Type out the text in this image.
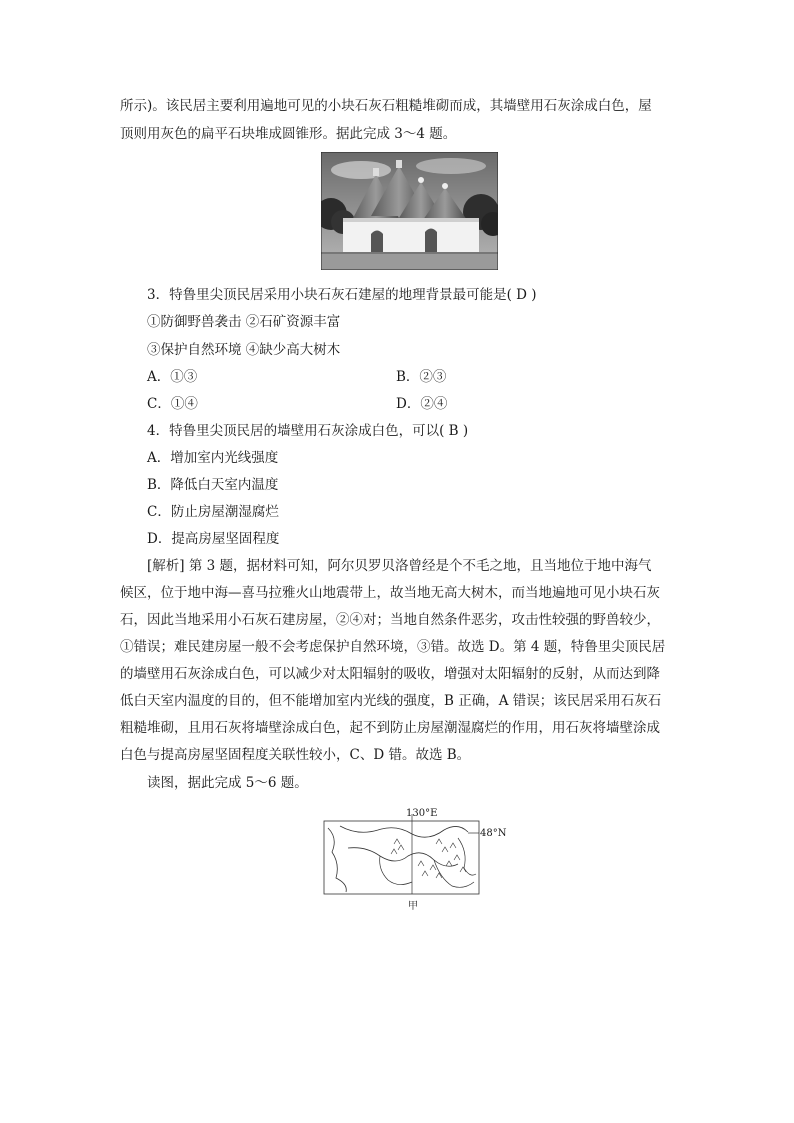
所示)。该民居主要利用遍地可见的小块石灰石粗糙堆砌而成，其墙壁用石灰涂成白色，屋
顶则用灰色的扁平石块堆成圆锥形。据此完成 3～4 题。
3．特鲁里尖顶民居采用小块石灰石建屋的地理背景最可能是( D )
①防御野兽袭击 ②石矿资源丰富
③保护自然环境 ④缺少高大树木
A．①③	B．②③
C．①④	D．②④
4．特鲁里尖顶民居的墙壁用石灰涂成白色，可以( B )
A．增加室内光线强度
B．降低白天室内温度
C．防止房屋潮湿腐烂
D．提高房屋坚固程度
[解析] 第 3 题，据材料可知，阿尔贝罗贝洛曾经是个不毛之地，且当地位于地中海气
候区，位于地中海—喜马拉雅火山地震带上，故当地无高大树木，而当地遍地可见小块石灰
石，因此当地采用小石灰石建房屋，②④对；当地自然条件恶劣，攻击性较强的野兽较少，
①错误；难民建房屋一般不会考虑保护自然环境，③错。故选 D。第 4 题，特鲁里尖顶民居
的墙壁用石灰涂成白色，可以减少对太阳辐射的吸收，增强对太阳辐射的反射，从而达到降
低白天室内温度的目的，但不能增加室内光线的强度，B 正确，A 错误；该民居采用石灰石
粗糙堆砌，且用石灰将墙壁涂成白色，起不到防止房屋潮湿腐烂的作用，用石灰将墙壁涂成
白色与提高房屋坚固程度关联性较小，C、D 错。故选 B。
读图，据此完成 5～6 题。
130°E
48°N
甲
